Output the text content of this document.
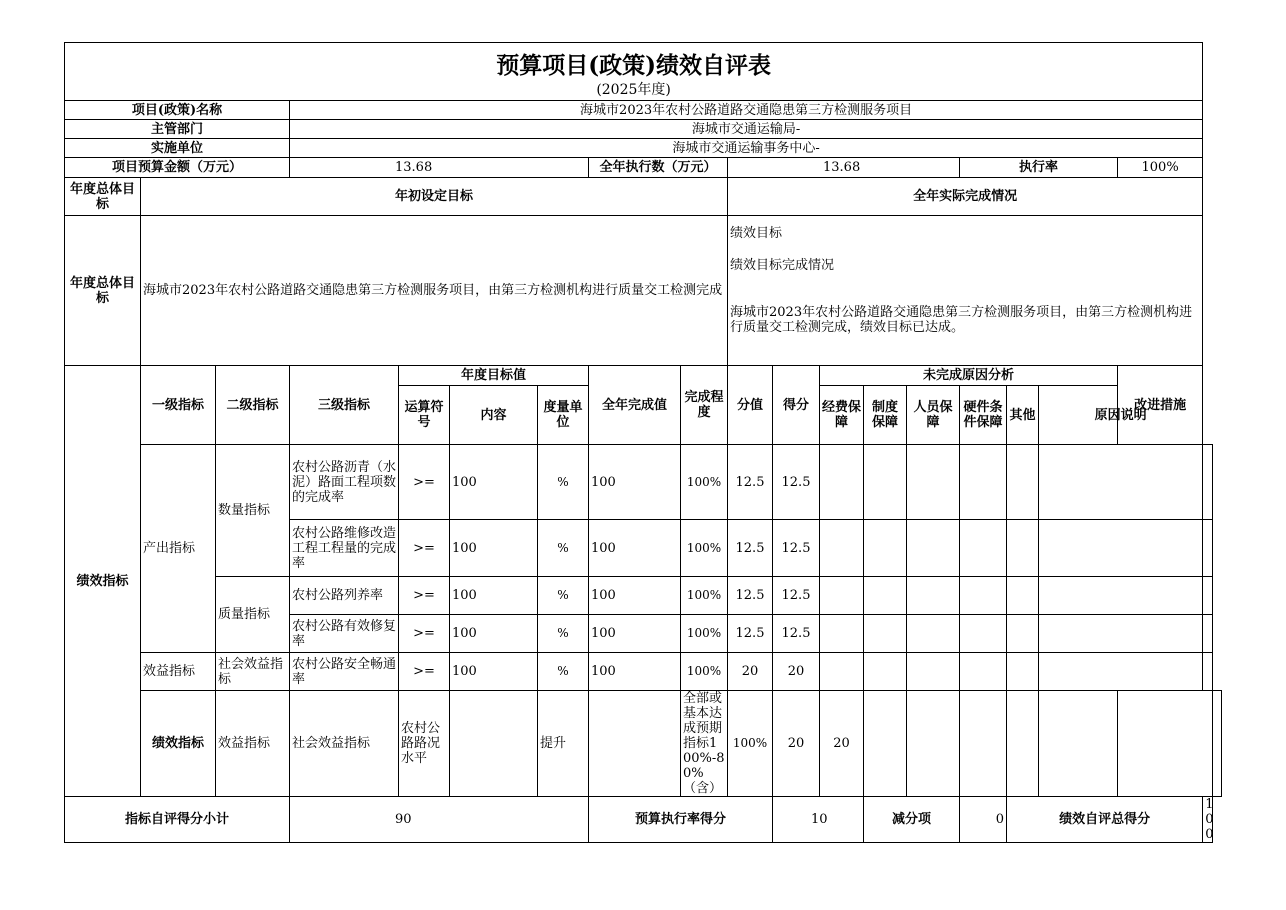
预算项目(政策)绩效自评表
(2025年度)																			

项目(政策)名称			海城市2023年农村公路道路交通隐患第三方检测服务项目																
主管部门			海城市交通运输局-																
实施单位			海城市交通运输事务中心-																
项目预算金额（万元）			13.68				全年执行数（万元）		13.68					执行率			100%		
年度总体目标	年初设定目标								全年实际完成情况										
年度总体目标	海城市2023年农村公路道路交通隐患第三方检测服务项目，由第三方检测机构进行质量交工检测完成								绩效目标

绩效目标完成情况

海城市2023年农村公路道路交通隐患第三方检测服务项目，由第三方检测机构进行质量交工检测完成，绩效目标已达成。										

绩效指标	一级指标	二级指标	三级指标	年度目标值			全年完成值	完成程度	分值	得分	未完成原因分析						改进措施		
				运算符号	内容	度量单位					经费保障	制度保障	人员保障	硬件条件保障	其他	原因说明			
	产出指标	数量指标	农村公路沥青（水泥）路面工程项数的完成率	>=	100	%	100	100%	12.5	12.5									
			农村公路维修改造工程工程量的完成率	>=	100	%	100	100%	12.5	12.5									
		质量指标	农村公路列养率	>=	100	%	100	100%	12.5	12.5									
			农村公路有效修复率	>=	100	%	100	100%	12.5	12.5									
	效益指标	社会效益指标	农村公路安全畅通率	>=	100	%	100	100%	20	20									
	绩效指标	效益指标	社会效益指标	农村公路路况水平		提升		全部或基本达成预期指标100%-80%（含）	100%	20	20								
指标自评得分小计			90				预算执行率得分			10		减分项		0	绩效自评总得分			100	
